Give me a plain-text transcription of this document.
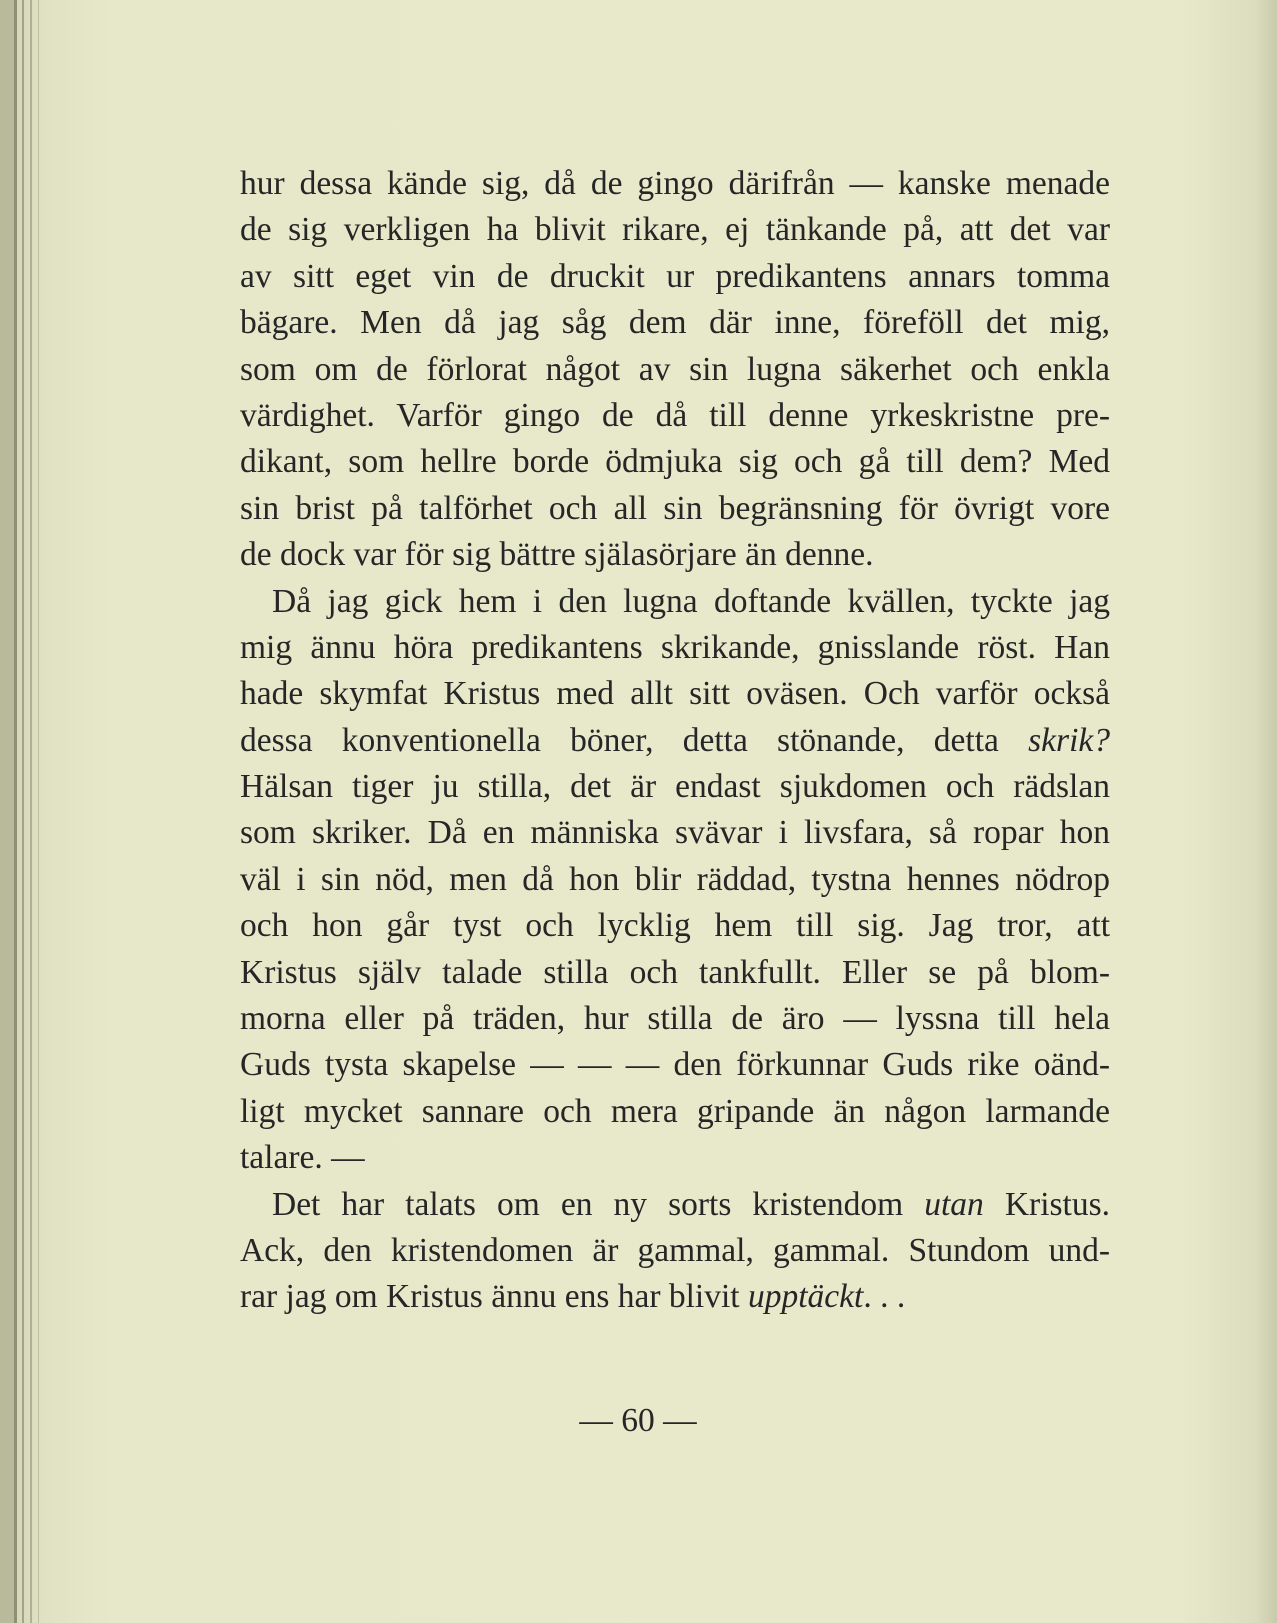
hur dessa kände sig, då de gingo därifrån — kanske menade
de sig verkligen ha blivit rikare, ej tänkande på, att det var
av sitt eget vin de druckit ur predikantens annars tomma
bägare. Men då jag såg dem där inne, föreföll det mig,
som om de förlorat något av sin lugna säkerhet och enkla
värdighet. Varför gingo de då till denne yrkeskristne pre-
dikant, som hellre borde ödmjuka sig och gå till dem? Med
sin brist på talförhet och all sin begränsning för övrigt vore
de dock var för sig bättre själasörjare än denne.
Då jag gick hem i den lugna doftande kvällen, tyckte jag
mig ännu höra predikantens skrikande, gnisslande röst. Han
hade skymfat Kristus med allt sitt oväsen. Och varför också
dessa konventionella böner, detta stönande, detta skrik?
Hälsan tiger ju stilla, det är endast sjukdomen och rädslan
som skriker. Då en människa svävar i livsfara, så ropar hon
väl i sin nöd, men då hon blir räddad, tystna hennes nödrop
och hon går tyst och lycklig hem till sig. Jag tror, att
Kristus själv talade stilla och tankfullt. Eller se på blom-
morna eller på träden, hur stilla de äro — lyssna till hela
Guds tysta skapelse — — — den förkunnar Guds rike oänd-
ligt mycket sannare och mera gripande än någon larmande
talare. —
Det har talats om en ny sorts kristendom utan Kristus.
Ack, den kristendomen är gammal, gammal. Stundom und-
rar jag om Kristus ännu ens har blivit upptäckt. . .
— 60 —
